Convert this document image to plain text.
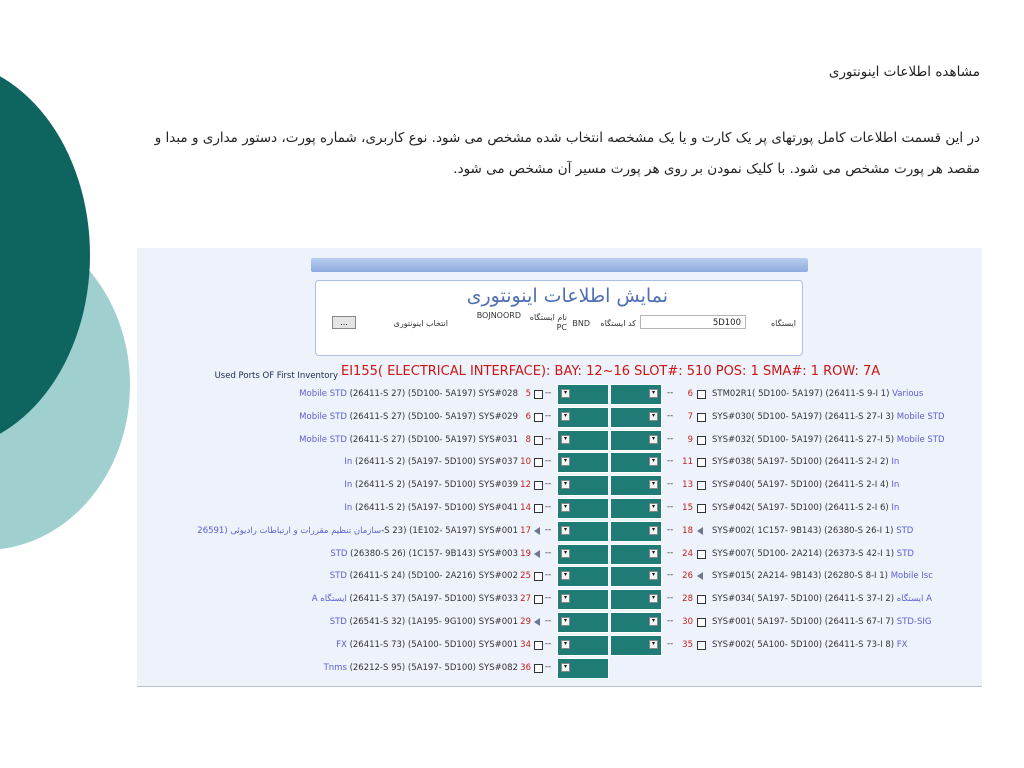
مشاهده اطلاعات اینونتوری
در این قسمت اطلاعات کامل پورتهای پر یک کارت و یا یک مشخصه انتخاب شده مشخص می شود. نوع کاربری، شماره پورت، دستور مداری و مبدا و مقصد هر پورت مشخص می شود. با کلیک نمودن بر روی هر پورت مسیر آن مشخص می شود.
نمایش اطلاعات اینونتوری
ایستگاه
5D100
کد ایستگاه
BND
نام ایستگاه
BOJNOORD
PC
انتخاب اینونتوری
...
Used Ports OF First Inventory EI155( ELECTRICAL INTERFACE): BAY: 12~16 SLOT#: 510 POS: 1 SMA#: 1 ROW: 7A
Mobile STD (26411-S 27) (5D100- 5A197) SYS#028 5 --	▾	▾	--	6 STM02R1( 5D100- 5A197) (26411-S 9-I 1) Various
Mobile STD (26411-S 27) (5D100- 5A197) SYS#029 6 --	▾	▾	--	7 SYS#030( 5D100- 5A197) (26411-S 27-I 3) Mobile STD
Mobile STD (26411-S 27) (5D100- 5A197) SYS#031 8 --	▾	▾	--	9 SYS#032( 5D100- 5A197) (26411-S 27-I 5) Mobile STD
In (26411-S 2) (5A197- 5D100) SYS#037 10 --	▾	▾	--	11 SYS#038( 5A197- 5D100) (26411-S 2-I 2) In
In (26411-S 2) (5A197- 5D100) SYS#039 12 --	▾	▾	--	13 SYS#040( 5A197- 5D100) (26411-S 2-I 4) In
In (26411-S 2) (5A197- 5D100) SYS#041 14 --	▾	▾	--	15 SYS#042( 5A197- 5D100) (26411-S 2-I 6) In
26591) سازمان تنظیم مقررات و ارتباطات رادیوئی-S 23) (1E102- 5A197) SYS#001 17 --	▾	▾	--	18 SYS#002( 1C157- 9B143) (26380-S 26-I 1) STD
STD (26380-S 26) (1C157- 9B143) SYS#003 19 --	▾	▾	--	24 SYS#007( 5D100- 2A214) (26373-S 42-I 1) STD
STD (26411-S 24) (5D100- 2A216) SYS#002 25 --	▾	▾	--	26 SYS#015( 2A214- 9B143) (26280-S 8-I 1) Mobile Isc
A ایستگاه (26411-S 37) (5A197- 5D100) SYS#033 27 --	▾	▾	--	28 SYS#034( 5A197- 5D100) (26411-S 37-I 2) ایستگاه A
STD (26541-S 32) (1A195- 9G100) SYS#001 29 --	▾	▾	--	30 SYS#001( 5A197- 5D100) (26411-S 67-I 7) STD-SIG
FX (26411-S 73) (5A100- 5D100) SYS#001 34 --	▾	▾	--	35 SYS#002( 5A100- 5D100) (26411-S 73-I 8) FX
Tnms (26212-S 95) (5A197- 5D100) SYS#082 36 --	▾
